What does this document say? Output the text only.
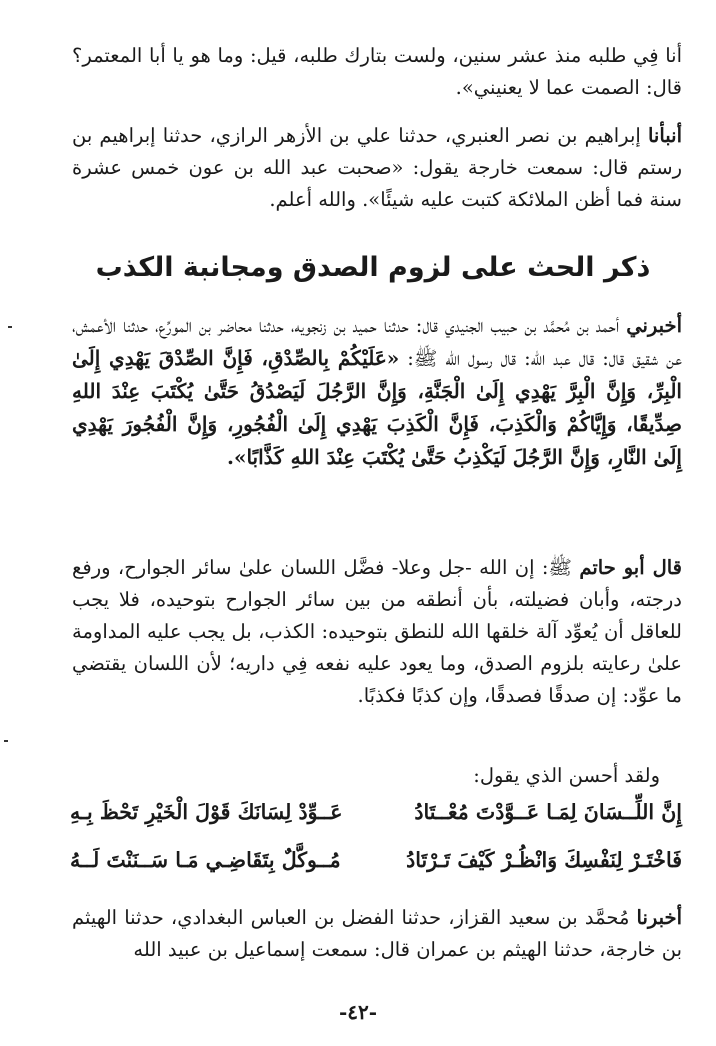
أنا فِي طلبه منذ عشر سنين، ولست بتارك طلبه، قيل: وما هو يا أبا المعتمر؟ قال: الصمت عما لا يعنيني».

أنبأنا إبراهيم بن نصر العنبري، حدثنا علي بن الأزهر الرازي، حدثنا إبراهيم بن رستم قال: سمعت خارجة يقول: «صحبت عبد الله بن عون خمس عشرة سنة فما أظن الملائكة كتبت عليه شيئًا». والله أعلم.

ذكر الحث على لزوم الصدق ومجانبة الكذب

أخبرني أحمد بن مُحمَّد بن حبيب الجنيدي قال: حدثنا حميد بن زنجويه، حدثنا محاضر بن المورِّع، حدثنا الأعمش، عن شقيق قال: قال عبد الله: قال رسول الله ﷺ: «عَلَيْكُمْ بِالصِّدْقِ، فَإِنَّ الصِّدْقَ يَهْدِي إِلَىٰ الْبِرِّ، وَإِنَّ الْبِرَّ يَهْدِي إِلَىٰ الْجَنَّةِ، وَإِنَّ الرَّجُلَ لَيَصْدُقُ حَتَّىٰ يُكْتَبَ عِنْدَ اللهِ صِدِّيقًا، وَإِيَّاكُمْ وَالْكَذِبَ، فَإِنَّ الْكَذِبَ يَهْدِي إِلَىٰ الْفُجُورِ، وَإِنَّ الْفُجُورَ يَهْدِي إِلَىٰ النَّارِ، وَإِنَّ الرَّجُلَ لَيَكْذِبُ حَتَّىٰ يُكْتَبَ عِنْدَ اللهِ كَذَّابًا».

قال أبو حاتم ﷺ: إن الله -جل وعلا- فضَّل اللسان علىٰ سائر الجوارح، ورفع درجته، وأبان فضيلته، بأن أنطقه من بين سائر الجوارح بتوحيده، فلا يجب للعاقل أن يُعوِّد آلة خلقها الله للنطق بتوحيده: الكذب، بل يجب عليه المداومة علىٰ رعايته بلزوم الصدق، وما يعود عليه نفعه فِي داريه؛ لأن اللسان يقتضي ما عوِّد: إن صدقًا فصدقًا، وإن كذبًا فكذبًا.

ولقد أحسن الذي يقول:

إِنَّ اللِّــسَانَ لِمَـا عَــوَّدْتَ مُعْــتَادُ
عَــوِّدْ لِسَانَكَ قَوْلَ الْخَيْرِ تَحْظَ بِـهِ
فَاخْتَـرْ لِنَفْسِكَ وَانْظُـرْ كَيْفَ تَـرْتَادُ
مُــوكَّلٌ بِتَقَاضِـي مَـا سَــنَنْتَ لَــهُ

أخبرنا مُحمَّد بن سعيد القزاز، حدثنا الفضل بن العباس البغدادي، حدثنا الهيثم بن خارجة، حدثنا الهيثم بن عمران قال: سمعت إسماعيل بن عبيد الله

-٤٢-
